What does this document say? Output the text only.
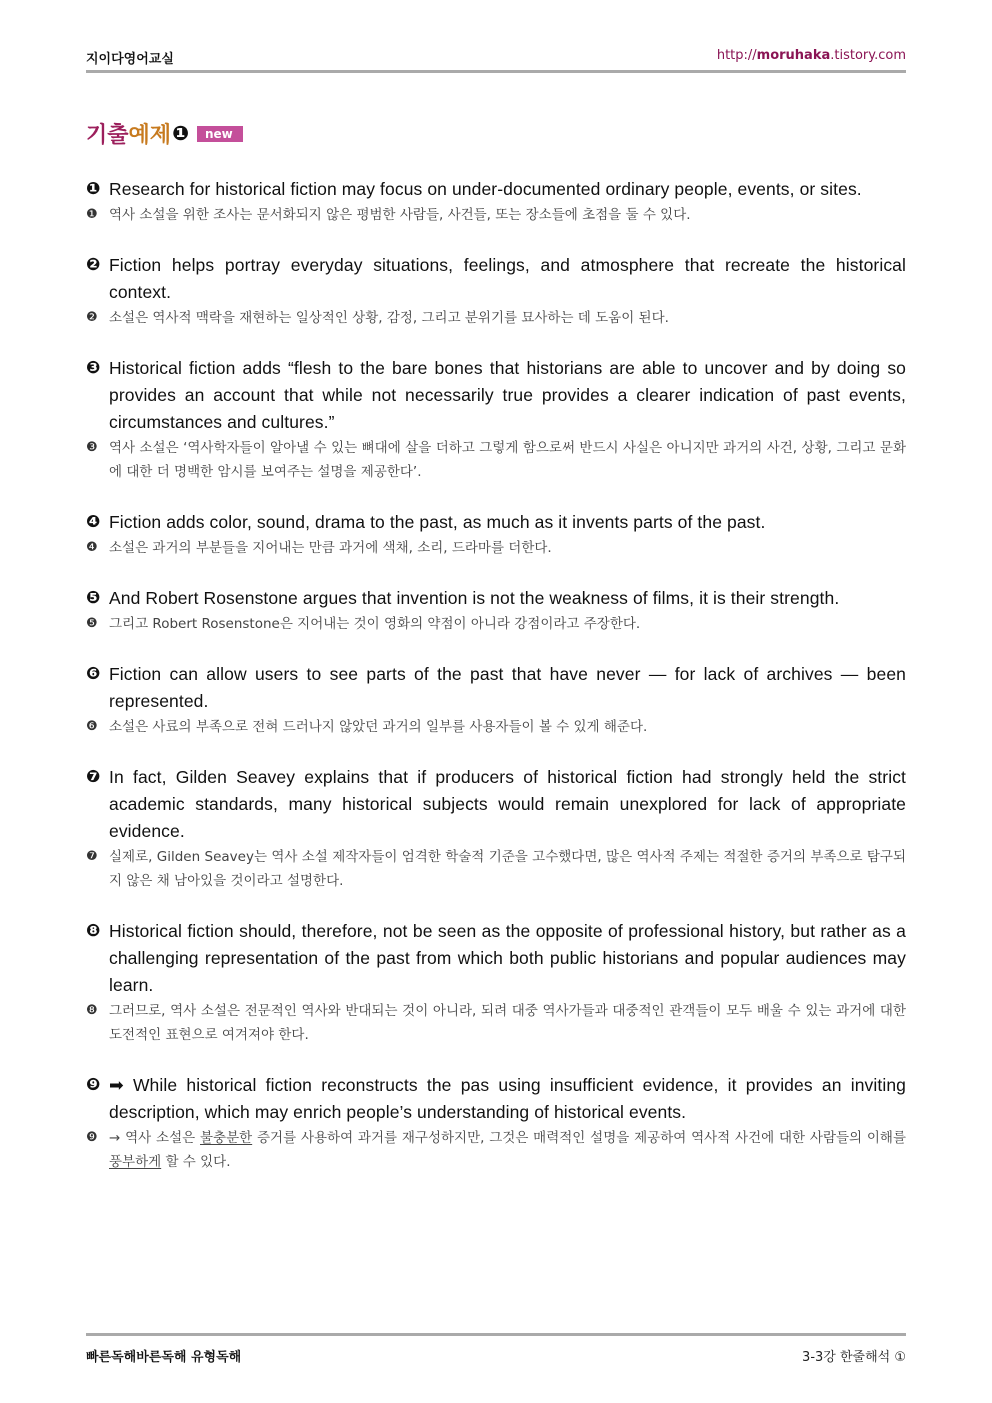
지이다영어교실	http://moruhaka.tistory.com
기출 예제 ❶	new
❶ Research for historical fiction may focus on under-documented ordinary people, events, or sites.
❶ 역사 소설을 위한 조사는 문서화되지 않은 평범한 사람들, 사건들, 또는 장소들에 초점을 둘 수 있다.
❷ Fiction helps portray everyday situations, feelings, and atmosphere that recreate the historical context.
❷ 소설은 역사적 맥락을 재현하는 일상적인 상황, 감정, 그리고 분위기를 묘사하는 데 도움이 된다.
❸ Historical fiction adds “flesh to the bare bones that historians are able to uncover and by doing so provides an account that while not necessarily true provides a clearer indication of past events, circumstances and cultures.”
❸ 역사 소설은 ‘역사학자들이 알아낼 수 있는 뼈대에 살을 더하고 그렇게 함으로써 반드시 사실은 아니지만 과거의 사건, 상황, 그리고 문화에 대한 더 명백한 암시를 보여주는 설명을 제공한다’.
❹ Fiction adds color, sound, drama to the past, as much as it invents parts of the past.
❹ 소설은 과거의 부분들을 지어내는 만큼 과거에 색채, 소리, 드라마를 더한다.
❺ And Robert Rosenstone argues that invention is not the weakness of films, it is their strength.
❺ 그리고 Robert Rosenstone은 지어내는 것이 영화의 약점이 아니라 강점이라고 주장한다.
❻ Fiction can allow users to see parts of the past that have never — for lack of archives — been represented.
❻ 소설은 사료의 부족으로 전혀 드러나지 않았던 과거의 일부를 사용자들이 볼 수 있게 해준다.
❼ In fact, Gilden Seavey explains that if producers of historical fiction had strongly held the strict academic standards, many historical subjects would remain unexplored for lack of appropriate evidence.
❼ 실제로, Gilden Seavey는 역사 소설 제작자들이 엄격한 학술적 기준을 고수했다면, 많은 역사적 주제는 적절한 증거의 부족으로 탐구되지 않은 채 남아있을 것이라고 설명한다.
❽ Historical fiction should, therefore, not be seen as the opposite of professional history, but rather as a challenging representation of the past from which both public historians and popular audiences may learn.
❽ 그러므로, 역사 소설은 전문적인 역사와 반대되는 것이 아니라, 되려 대중 역사가들과 대중적인 관객들이 모두 배울 수 있는 과거에 대한 도전적인 표현으로 여겨져야 한다.
❾ ➡ While historical fiction reconstructs the pas using insufficient evidence, it provides an inviting description, which may enrich people’s understanding of historical events.
❾ → 역사 소설은 불충분한 증거를 사용하여 과거를 재구성하지만, 그것은 매력적인 설명을 제공하여 역사적 사건에 대한 사람들의 이해를 풍부하게 할 수 있다.
빠른독해바른독해 유형독해	3-3강 한줄해석 ①
